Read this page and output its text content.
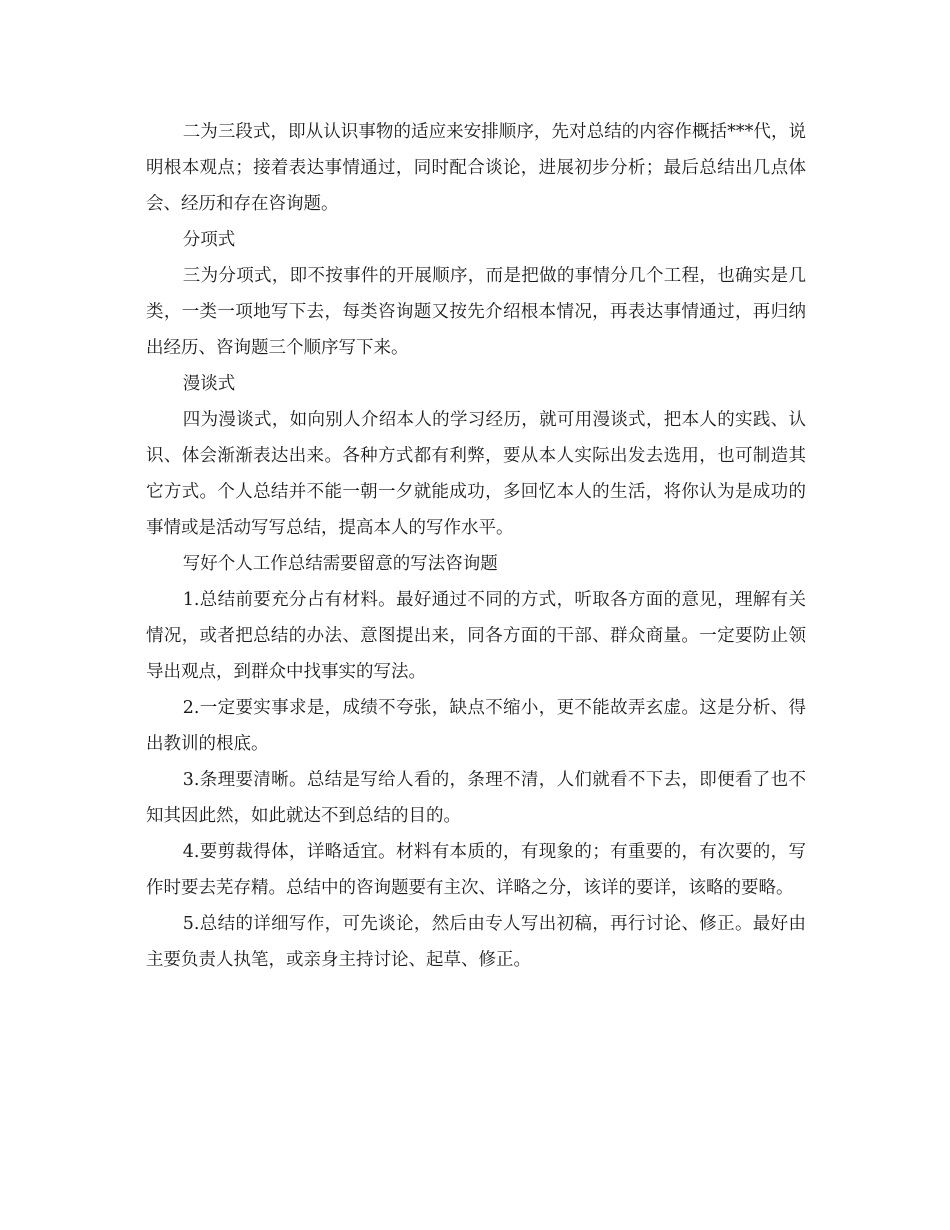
二为三段式，即从认识事物的适应来安排顺序，先对总结的内容作概括***代，说明根本观点；接着表达事情通过，同时配合谈论，进展初步分析；最后总结出几点体会、经历和存在咨询题。

分项式

三为分项式，即不按事件的开展顺序，而是把做的事情分几个工程，也确实是几类，一类一项地写下去，每类咨询题又按先介绍根本情况，再表达事情通过，再归纳出经历、咨询题三个顺序写下来。

漫谈式

四为漫谈式，如向别人介绍本人的学习经历，就可用漫谈式，把本人的实践、认识、体会渐渐表达出来。各种方式都有利弊，要从本人实际出发去选用，也可制造其它方式。个人总结并不能一朝一夕就能成功，多回忆本人的生活，将你认为是成功的事情或是活动写写总结，提高本人的写作水平。

写好个人工作总结需要留意的写法咨询题

1.总结前要充分占有材料。最好通过不同的方式，听取各方面的意见，理解有关情况，或者把总结的办法、意图提出来，同各方面的干部、群众商量。一定要防止领导出观点，到群众中找事实的写法。

2.一定要实事求是，成绩不夸张，缺点不缩小，更不能故弄玄虚。这是分析、得出教训的根底。

3.条理要清晰。总结是写给人看的，条理不清，人们就看不下去，即便看了也不知其因此然，如此就达不到总结的目的。

4.要剪裁得体，详略适宜。材料有本质的，有现象的；有重要的，有次要的，写作时要去芜存精。总结中的咨询题要有主次、详略之分，该详的要详，该略的要略。

5.总结的详细写作，可先谈论，然后由专人写出初稿，再行讨论、修正。最好由主要负责人执笔，或亲身主持讨论、起草、修正。
